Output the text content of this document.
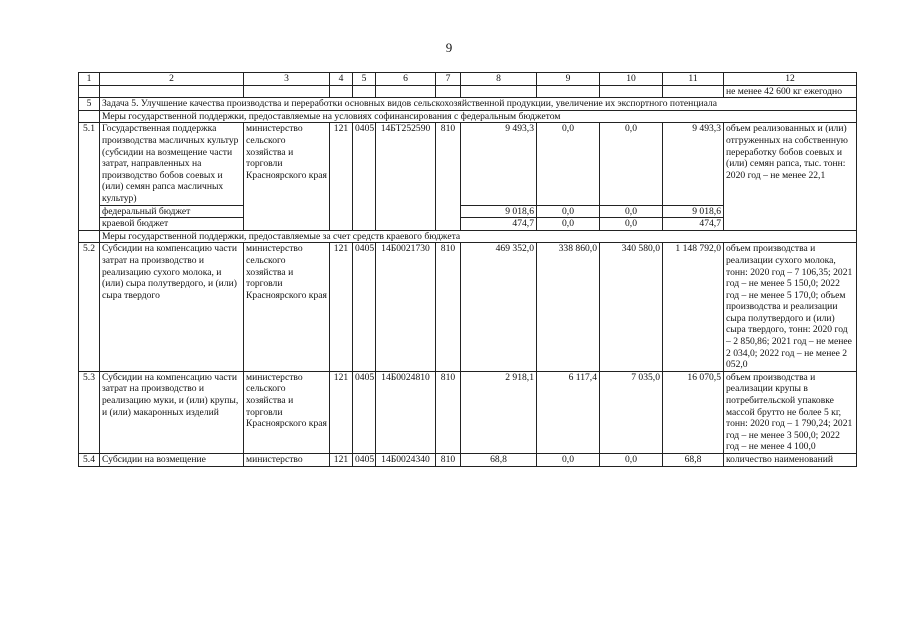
9
1	2	3	4	5	6	7	8	9	10	11	12
											не менее 42 600 кг ежегодно
5	Задача 5. Улучшение качества производства и переработки основных видов сельскохозяйственной продукции, увеличение их экспортного потенциала										
	Меры государственной поддержки, предоставляемые на условиях софинансирования с федеральным бюджетом										
5.1	Государственная поддержка производства масличных культур (субсидии на возмещение части затрат, направленных на производство бобов соевых и (или) семян рапса масличных культур)	министерство сельского хозяйства и торговли Красноярского края	121	0405	14БТ252590	810	9 493,3	0,0	0,0	9 493,3	объем реализованных и (или) отгруженных на собственную переработку бобов соевых и (или) семян рапса, тыс. тонн: 2020 год – не менее 22,1
	федеральный бюджет						9 018,6	0,0	0,0	9 018,6	
	краевой бюджет						474,7	0,0	0,0	474,7	
	Меры государственной поддержки, предоставляемые за счет средств краевого бюджета										
5.2	Субсидии на компенсацию части затрат на производство и реализацию сухого молока, и (или) сыра полутвердого, и (или) сыра твердого	министерство сельского хозяйства и торговли Красноярского края	121	0405	14Б0021730	810	469 352,0	338 860,0	340 580,0	1 148 792,0	объем производства и реализации сухого молока, тонн: 2020 год – 7 106,35; 2021 год – не менее 5 150,0; 2022 год – не менее 5 170,0; объем производства и реализации сыра полутвердого и (или) сыра твердого, тонн: 2020 год – 2 850,86; 2021 год – не менее 2 034,0; 2022 год – не менее 2 052,0
5.3	Субсидии на компенсацию части затрат на производство и реализацию муки, и (или) крупы, и (или) макаронных изделий	министерство сельского хозяйства и торговли Красноярского края	121	0405	14Б0024810	810	2 918,1	6 117,4	7 035,0	16 070,5	объем производства и реализации крупы в потребительской упаковке массой брутто не более 5 кг, тонн: 2020 год – 1 790,24; 2021 год – не менее 3 500,0; 2022 год – не менее 4 100,0
5.4	Субсидии на возмещение	министерство	121	0405	14Б0024340	810	68,8	0,0	0,0	68,8	количество наименований
